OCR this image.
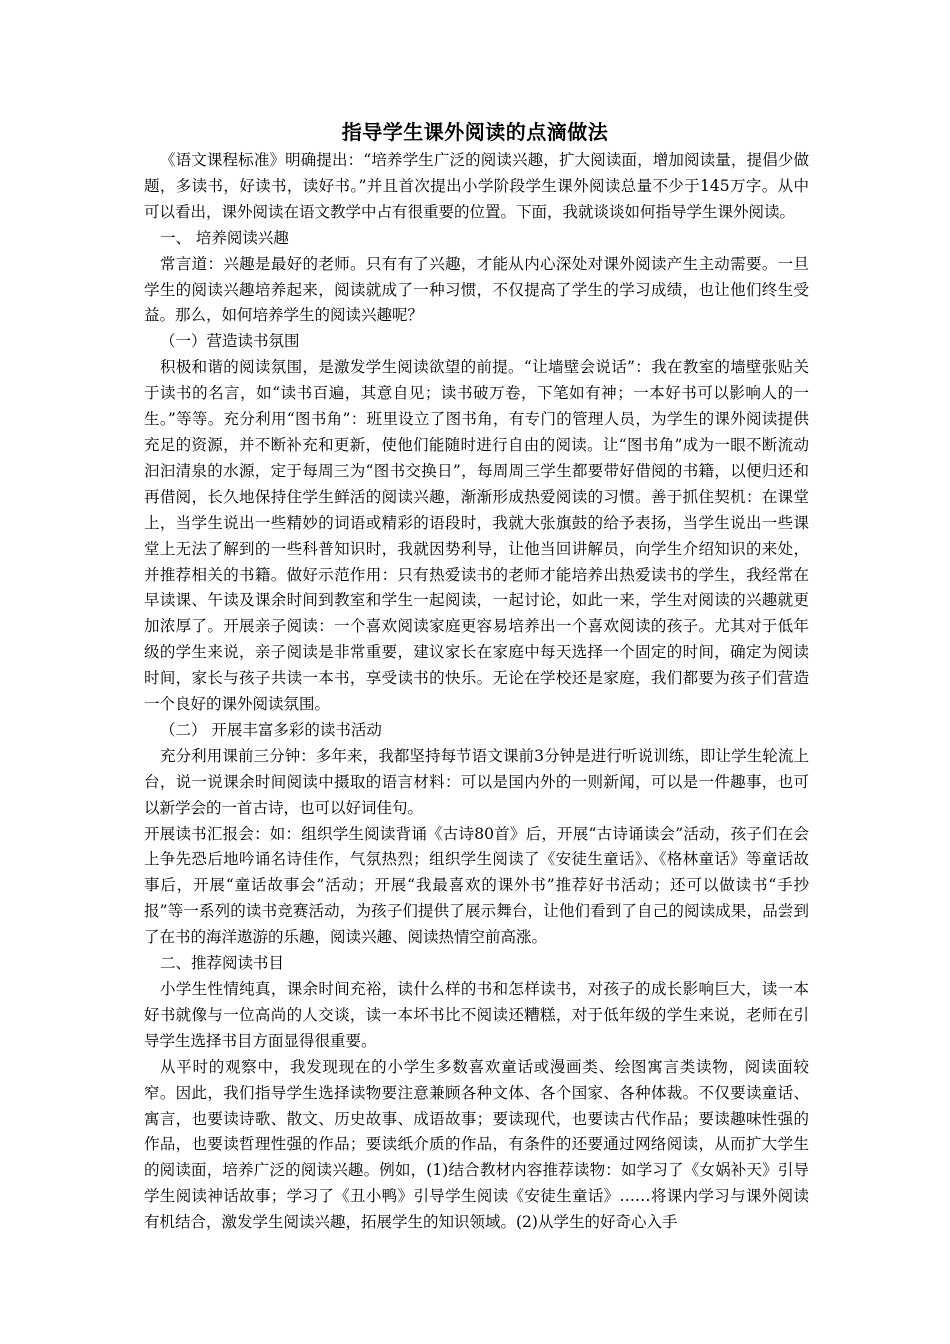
指导学生课外阅读的点滴做法

《语文课程标准》明确提出：“培养学生广泛的阅读兴趣，扩大阅读面，增加阅读量，提倡少做题，多读书，好读书，读好书。”并且首次提出小学阶段学生课外阅读总量不少于145万字。从中可以看出，课外阅读在语文教学中占有很重要的位置。下面，我就谈谈如何指导学生课外阅读。

一、 培养阅读兴趣

常言道：兴趣是最好的老师。只有有了兴趣，才能从内心深处对课外阅读产生主动需要。一旦学生的阅读兴趣培养起来，阅读就成了一种习惯，不仅提高了学生的学习成绩，也让他们终生受益。那么，如何培养学生的阅读兴趣呢？

（一）营造读书氛围

积极和谐的阅读氛围，是激发学生阅读欲望的前提。“让墙壁会说话”：我在教室的墙壁张贴关于读书的名言，如“读书百遍，其意自见；读书破万卷，下笔如有神；一本好书可以影响人的一生。”等等。充分利用“图书角”：班里设立了图书角，有专门的管理人员，为学生的课外阅读提供充足的资源，并不断补充和更新，使他们能随时进行自由的阅读。让“图书角”成为一眼不断流动汩汩清泉的水源，定于每周三为“图书交换日”，每周周三学生都要带好借阅的书籍，以便归还和再借阅，长久地保持住学生鲜活的阅读兴趣，渐渐形成热爱阅读的习惯。善于抓住契机：在课堂上，当学生说出一些精妙的词语或精彩的语段时，我就大张旗鼓的给予表扬，当学生说出一些课堂上无法了解到的一些科普知识时，我就因势利导，让他当回讲解员，向学生介绍知识的来处，并推荐相关的书籍。做好示范作用：只有热爱读书的老师才能培养出热爱读书的学生，我经常在早读课、午读及课余时间到教室和学生一起阅读，一起讨论，如此一来，学生对阅读的兴趣就更加浓厚了。开展亲子阅读：一个喜欢阅读家庭更容易培养出一个喜欢阅读的孩子。尤其对于低年级的学生来说，亲子阅读是非常重要，建议家长在家庭中每天选择一个固定的时间，确定为阅读时间，家长与孩子共读一本书，享受读书的快乐。无论在学校还是家庭，我们都要为孩子们营造一个良好的课外阅读氛围。

（二） 开展丰富多彩的读书活动

充分利用课前三分钟：多年来，我都坚持每节语文课前3分钟是进行听说训练，即让学生轮流上台，说一说课余时间阅读中摄取的语言材料：可以是国内外的一则新闻，可以是一件趣事，也可以新学会的一首古诗，也可以好词佳句。

开展读书汇报会：如：组织学生阅读背诵《古诗80首》后，开展“古诗诵读会”活动，孩子们在会上争先恐后地吟诵名诗佳作，气氛热烈；组织学生阅读了《安徒生童话》、《格林童话》等童话故事后，开展“童话故事会”活动；开展“我最喜欢的课外书”推荐好书活动；还可以做读书“手抄报”等一系列的读书竞赛活动，为孩子们提供了展示舞台，让他们看到了自己的阅读成果，品尝到了在书的海洋遨游的乐趣，阅读兴趣、阅读热情空前高涨。

二、推荐阅读书目

小学生性情纯真，课余时间充裕，读什么样的书和怎样读书，对孩子的成长影响巨大，读一本好书就像与一位高尚的人交谈，读一本坏书比不阅读还糟糕，对于低年级的学生来说，老师在引导学生选择书目方面显得很重要。

从平时的观察中，我发现现在的小学生多数喜欢童话或漫画类、绘图寓言类读物，阅读面较窄。因此，我们指导学生选择读物要注意兼顾各种文体、各个国家、各种体裁。不仅要读童话、寓言，也要读诗歌、散文、历史故事、成语故事；要读现代，也要读古代作品；要读趣味性强的作品，也要读哲理性强的作品；要读纸介质的作品，有条件的还要通过网络阅读，从而扩大学生的阅读面，培养广泛的阅读兴趣。例如，(1)结合教材内容推荐读物：如学习了《女娲补天》引导学生阅读神话故事；学习了《丑小鸭》引导学生阅读《安徒生童话》……将课内学习与课外阅读有机结合，激发学生阅读兴趣，拓展学生的知识领域。(2)从学生的好奇心入手
